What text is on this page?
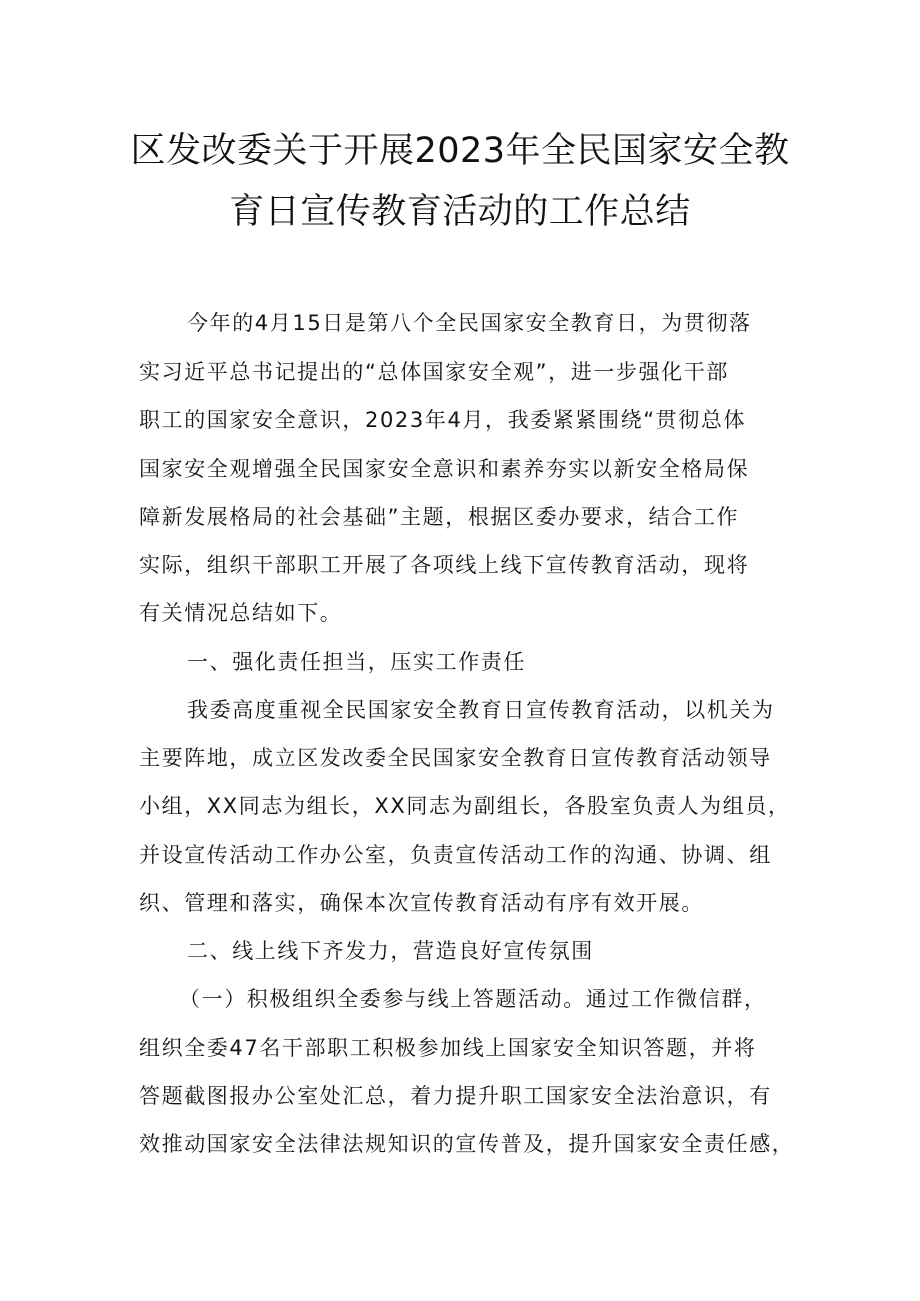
区发改委关于开展2023年全民国家安全教
育日宣传教育活动的工作总结
今年的4月15日是第八个全民国家安全教育日，为贯彻落
实习近平总书记提出的“总体国家安全观”，进一步强化干部
职工的国家安全意识，2023年4月，我委紧紧围绕“贯彻总体
国家安全观增强全民国家安全意识和素养夯实以新安全格局保
障新发展格局的社会基础”主题，根据区委办要求，结合工作
实际，组织干部职工开展了各项线上线下宣传教育活动，现将
有关情况总结如下。
一、强化责任担当，压实工作责任
我委高度重视全民国家安全教育日宣传教育活动，以机关为
主要阵地，成立区发改委全民国家安全教育日宣传教育活动领导
小组，XX同志为组长，XX同志为副组长，各股室负责人为组员，
并设宣传活动工作办公室，负责宣传活动工作的沟通、协调、组
织、管理和落实，确保本次宣传教育活动有序有效开展。
二、线上线下齐发力，营造良好宣传氛围
（一）积极组织全委参与线上答题活动。通过工作微信群，
组织全委47名干部职工积极参加线上国家安全知识答题，并将
答题截图报办公室处汇总，着力提升职工国家安全法治意识，有
效推动国家安全法律法规知识的宣传普及，提升国家安全责任感，
